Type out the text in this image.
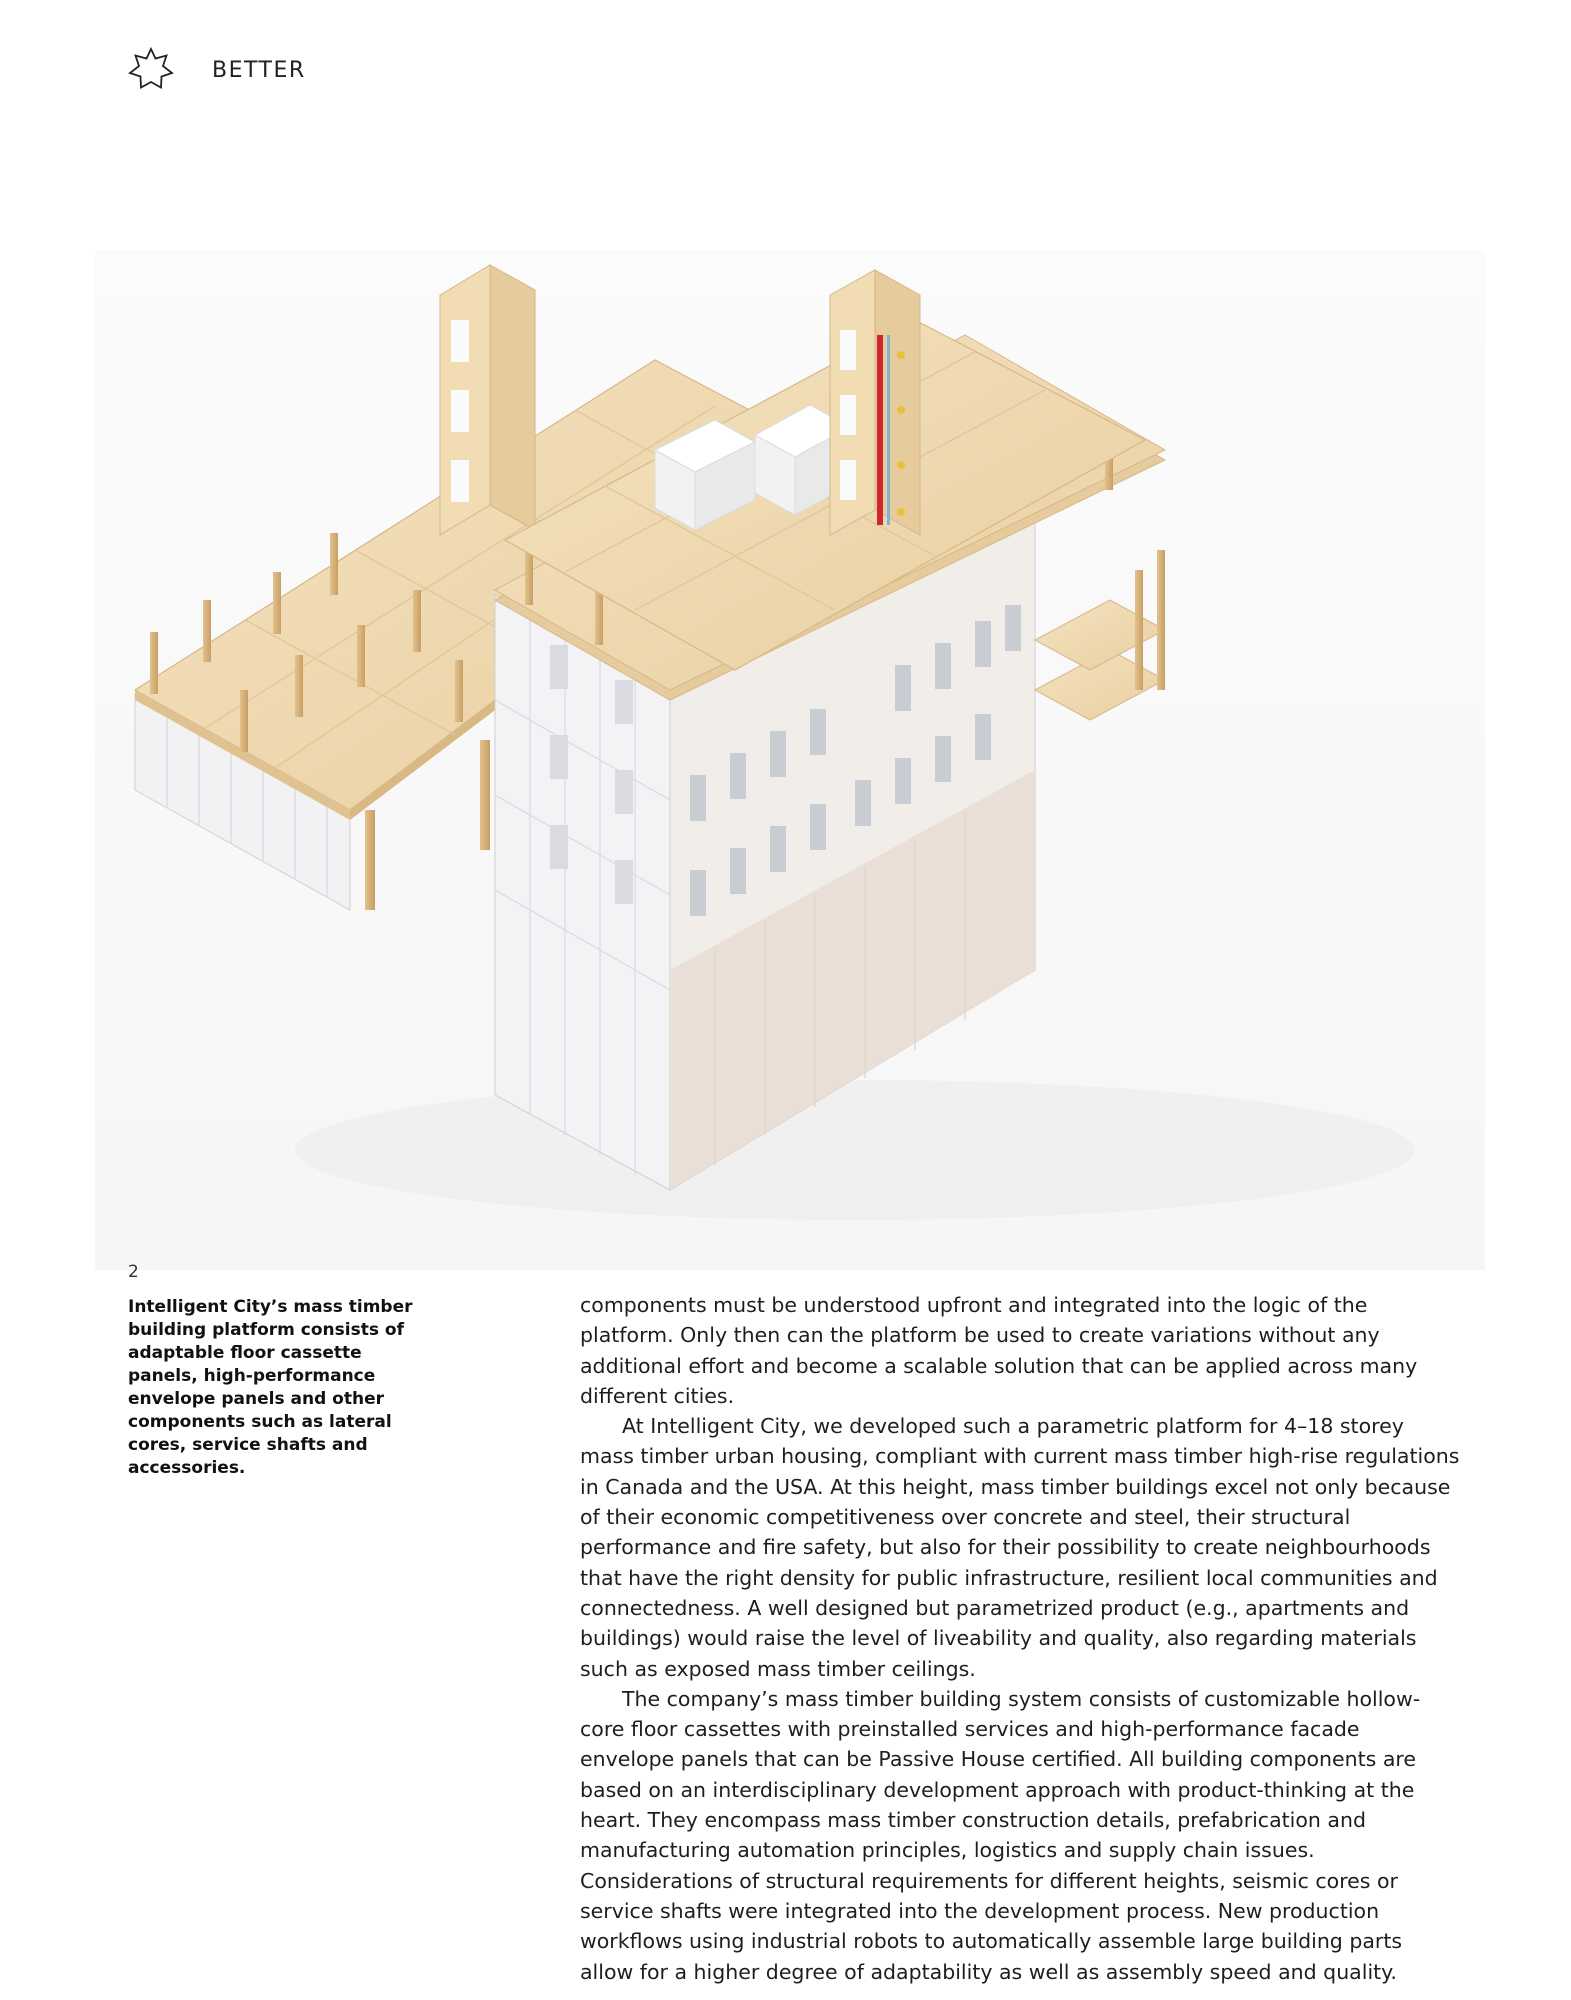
BETTER
2
Intelligent City’s mass timber building platform consists of adaptable floor cassette panels, high-performance envelope panels and other components such as lateral cores, service shafts and accessories.

components must be understood upfront and integrated into the logic of the platform. Only then can the platform be used to create variations without any additional effort and become a scalable solution that can be applied across many different cities.

At Intelligent City, we developed such a parametric platform for 4–18 storey mass timber urban housing, compliant with current mass timber high-rise regulations in Canada and the USA. At this height, mass timber buildings excel not only because of their economic competitiveness over concrete and steel, their structural performance and fire safety, but also for their possibility to create neighbourhoods that have the right density for public infrastructure, resilient local communities and connectedness. A well designed but parametrized product (e.g., apartments and buildings) would raise the level of liveability and quality, also regarding materials such as exposed mass timber ceilings.

The company’s mass timber building system consists of customizable hollow-core floor cassettes with preinstalled services and high-performance facade envelope panels that can be Passive House certified. All building components are based on an interdisciplinary development approach with product-thinking at the heart. They encompass mass timber construction details, prefabrication and manufacturing automation principles, logistics and supply chain issues. Considerations of structural requirements for different heights, seismic cores or service shafts were integrated into the development process. New production workflows using industrial robots to automatically assemble large building parts allow for a higher degree of adaptability as well as assembly speed and quality.
